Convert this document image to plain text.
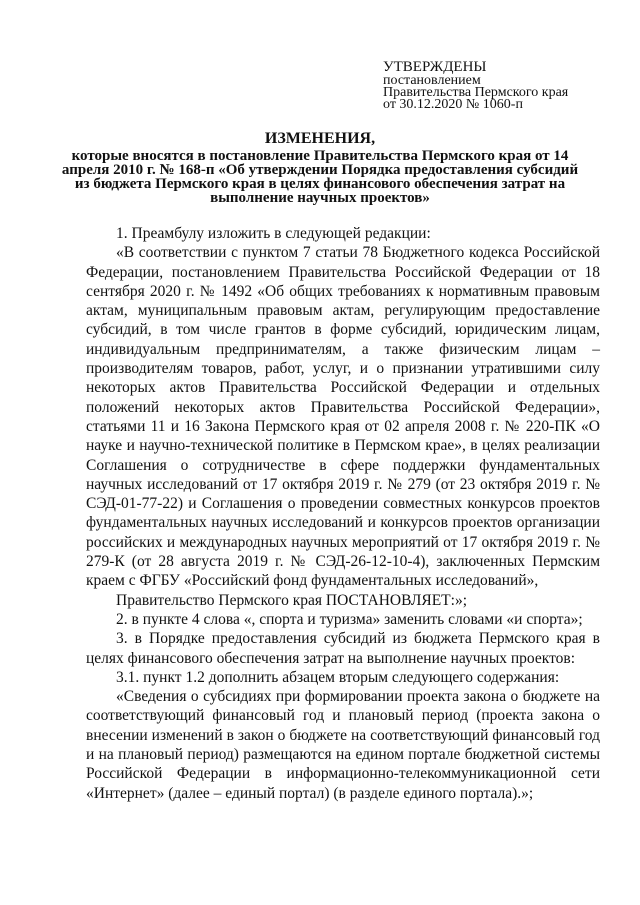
УТВЕРЖДЕНЫ
постановлением
Правительства Пермского края
от 30.12.2020 № 1060-п
ИЗМЕНЕНИЯ,
которые вносятся в постановление Правительства Пермского края от 14 апреля 2010 г. № 168-п «Об утверждении Порядка предоставления субсидий из бюджета Пермского края в целях финансового обеспечения затрат на выполнение научных проектов»

1. Преамбулу изложить в следующей редакции:

«В соответствии с пунктом 7 статьи 78 Бюджетного кодекса Российской Федерации, постановлением Правительства Российской Федерации от 18 сентября 2020 г. № 1492 «Об общих требованиях к нормативным правовым актам, муниципальным правовым актам, регулирующим предоставление субсидий, в том числе грантов в форме субсидий, юридическим лицам, индивидуальным предпринимателям, а также физическим лицам – производителям товаров, работ, услуг, и о признании утратившими силу некоторых актов Правительства Российской Федерации и отдельных положений некоторых актов Правительства Российской Федерации», статьями 11 и 16 Закона Пермского края от 02 апреля 2008 г. № 220-ПК «О науке и научно-технической политике в Пермском крае», в целях реализации Соглашения о сотрудничестве в сфере поддержки фундаментальных научных исследований от 17 октября 2019 г. № 279 (от 23 октября 2019 г. № СЭД-01-77-22) и Соглашения о проведении совместных конкурсов проектов фундаментальных научных исследований и конкурсов проектов организации российских и международных научных мероприятий от 17 октября 2019 г. № 279-К (от 28 августа 2019 г. № СЭД-26-12-10-4), заключенных Пермским краем с ФГБУ «Российский фонд фундаментальных исследований»,

Правительство Пермского края ПОСТАНОВЛЯЕТ:»;

2. в пункте 4 слова «, спорта и туризма» заменить словами «и спорта»;

3. в Порядке предоставления субсидий из бюджета Пермского края в целях финансового обеспечения затрат на выполнение научных проектов:

3.1. пункт 1.2 дополнить абзацем вторым следующего содержания:

«Сведения о субсидиях при формировании проекта закона о бюджете на соответствующий финансовый год и плановый период (проекта закона о внесении изменений в закон о бюджете на соответствующий финансовый год и на плановый период) размещаются на едином портале бюджетной системы Российской Федерации в информационно-телекоммуникационной сети «Интернет» (далее – единый портал) (в разделе единого портала).»;
